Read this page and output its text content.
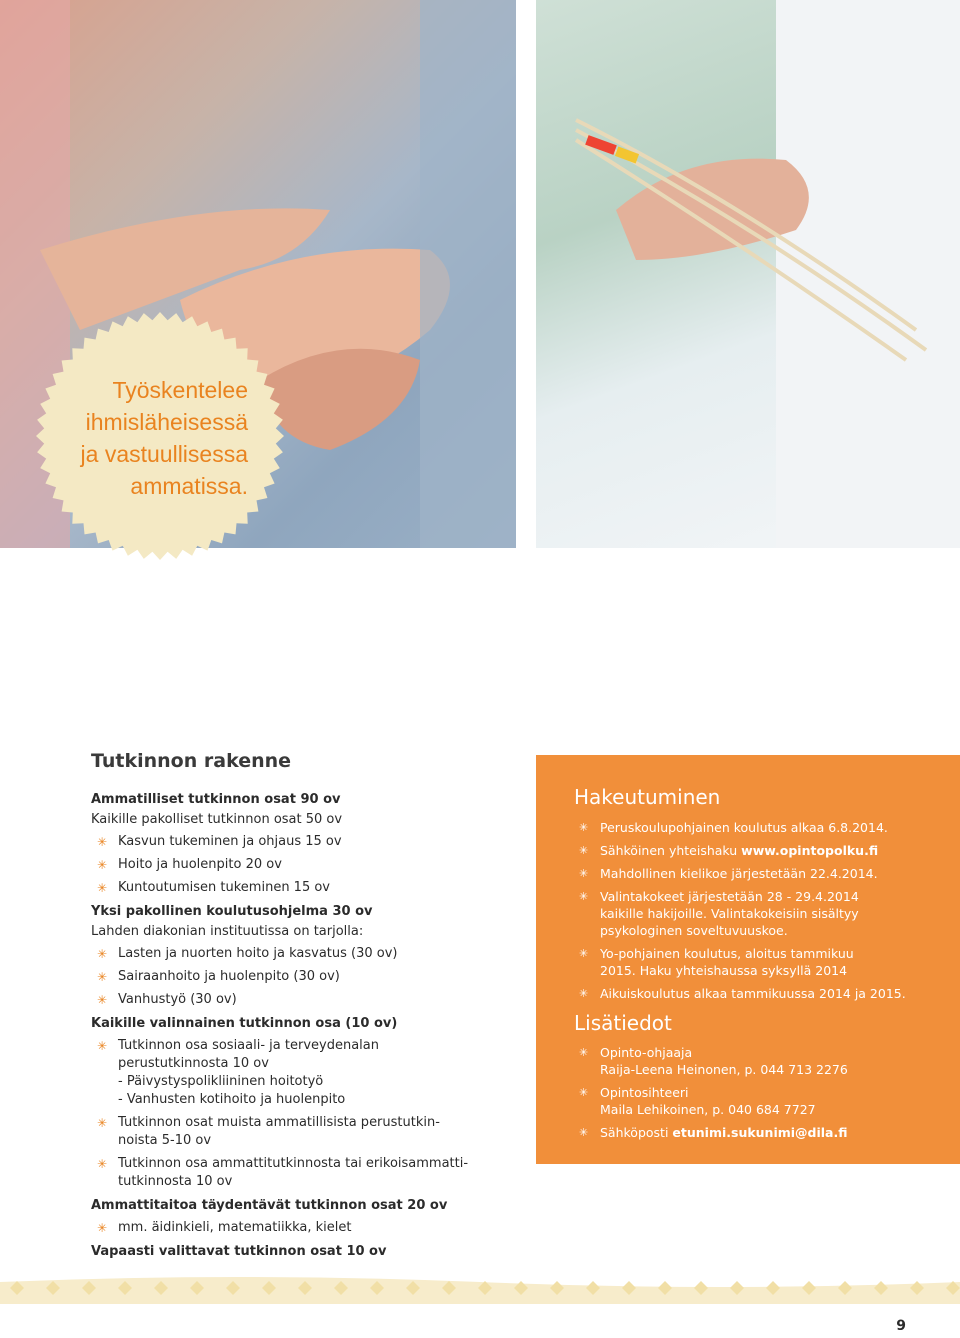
Työskentelee
ihmisläheisessä
ja vastuullisessa
ammatissa.
Tutkinnon rakenne

Ammatilliset tutkinnon osat 90 ov

Kaikille pakolliset tutkinnon osat 50 ov

✳ Kasvun tukeminen ja ohjaus 15 ov
✳ Hoito ja huolenpito 20 ov
✳ Kuntoutumisen tukeminen 15 ov

Yksi pakollinen koulutusohjelma 30 ov

Lahden diakonian instituutissa on tarjolla:

✳ Lasten ja nuorten hoito ja kasvatus (30 ov)
✳ Sairaanhoito ja huolenpito (30 ov)
✳ Vanhustyö (30 ov)

Kaikille valinnainen tutkinnon osa (10 ov)

✳ Tutkinnon osa sosiaali- ja terveydenalan
perustutkinnosta 10 ov
- Päivystyspolikliininen hoitotyö
- Vanhusten kotihoito ja huolenpito
✳ Tutkinnon osat muista ammatillisista perustutkin-
noista 5-10 ov
✳ Tutkinnon osa ammattitutkinnosta tai erikoisammatti-
tutkinnosta 10 ov

Ammattitaitoa täydentävät tutkinnon osat 20 ov

✳ mm. äidinkieli, matematiikka, kielet

Vapaasti valittavat tutkinnon osat 10 ov

Hakeutuminen
✳ Peruskoulupohjainen koulutus alkaa 6.8.2014.
✳ Sähköinen yhteishaku www.opintopolku.fi
✳ Mahdollinen kielikoe järjestetään 22.4.2014.
✳ Valintakokeet järjestetään 28 - 29.4.2014
kaikille hakijoille. Valintakokeisiin sisältyy
psykologinen soveltuvuuskoe.
✳ Yo-pohjainen koulutus, aloitus tammikuu
2015. Haku yhteishaussa syksyllä 2014
✳ Aikuiskoulutus alkaa tammikuussa 2014 ja 2015.
Lisätiedot
✳ Opinto-ohjaaja
Raija-Leena Heinonen, p. 044 713 2276
✳ Opintosihteeri
Maila Lehikoinen, p. 040 684 7727
✳ Sähköposti etunimi.sukunimi@dila.fi
9
